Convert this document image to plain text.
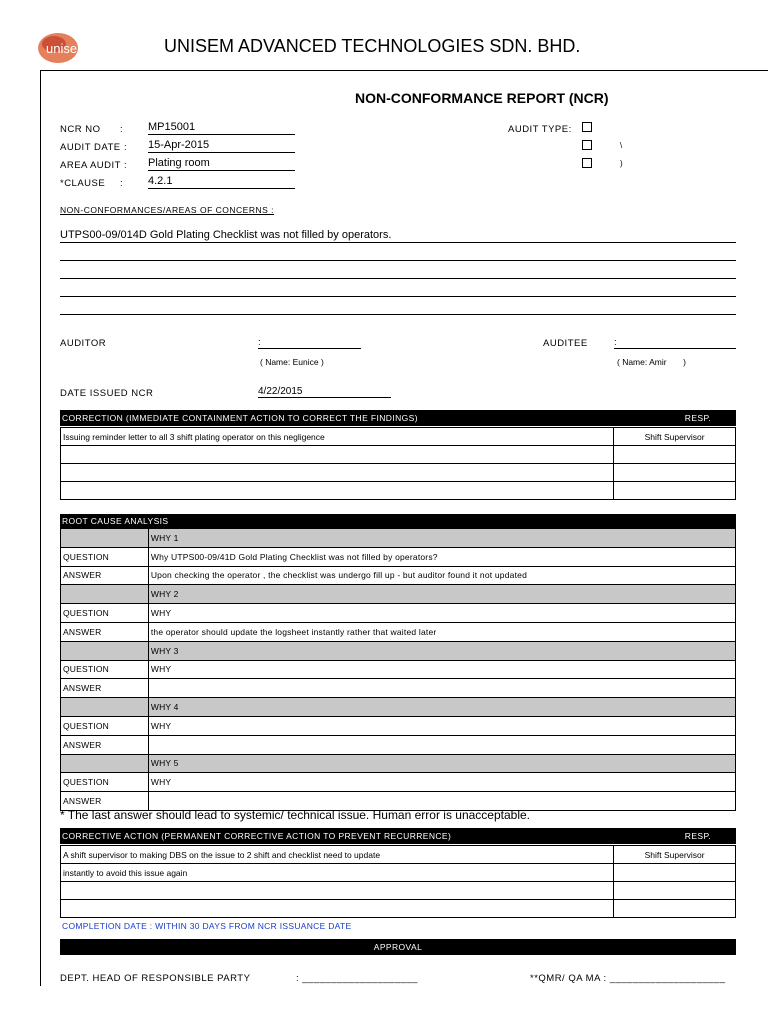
unisem	UNISEM ADVANCED TECHNOLOGIES SDN. BHD.
NON-CONFORMANCE REPORT (NCR)
NCR NO : MP15001
AUDIT DATE : 15-Apr-2015
AREA AUDIT : Plating room
*CLAUSE : 4.2.1
AUDIT TYPE:
\
)
NON-CONFORMANCES/AREAS OF CONCERNS :
UTPS00-09/014D Gold Plating Checklist was not filled by operators.
AUDITOR	:
( Name: Eunice )
AUDITEE	:
( Name: Amir       )
DATE ISSUED NCR	4/22/2015
CORRECTION (IMMEDIATE CONTAINMENT ACTION TO CORRECT THE FINDINGS)	RESP.
Issuing reminder letter to all 3 shift plating operator on this negligence	Shift Supervisor

ROOT CAUSE ANALYSIS
	WHY 1
QUESTION	Why UTPS00-09/41D Gold Plating Checklist was not filled by operators?
ANSWER	Upon checking the operator , the checklist was undergo fill up - but auditor found it not updated
	WHY 2
QUESTION	WHY
ANSWER	the operator should update the logsheet instantly rather that waited later
	WHY 3
QUESTION	WHY
ANSWER	
	WHY 4
QUESTION	WHY
ANSWER	
	WHY 5
QUESTION	WHY
ANSWER	
* The last answer should lead to systemic/ technical issue. Human error is unacceptable.
CORRECTIVE ACTION (PERMANENT CORRECTIVE ACTION TO PREVENT RECURRENCE)	RESP.
A shift supervisor to making DBS on the issue to 2 shift and checklist need to update	Shift Supervisor
instantly to avoid this issue again	

COMPLETION DATE : WITHIN 30 DAYS FROM NCR ISSUANCE DATE
APPROVAL
DEPT. HEAD OF RESPONSIBLE PARTY	: ____________________	**QMR/ QA MA : ____________________
